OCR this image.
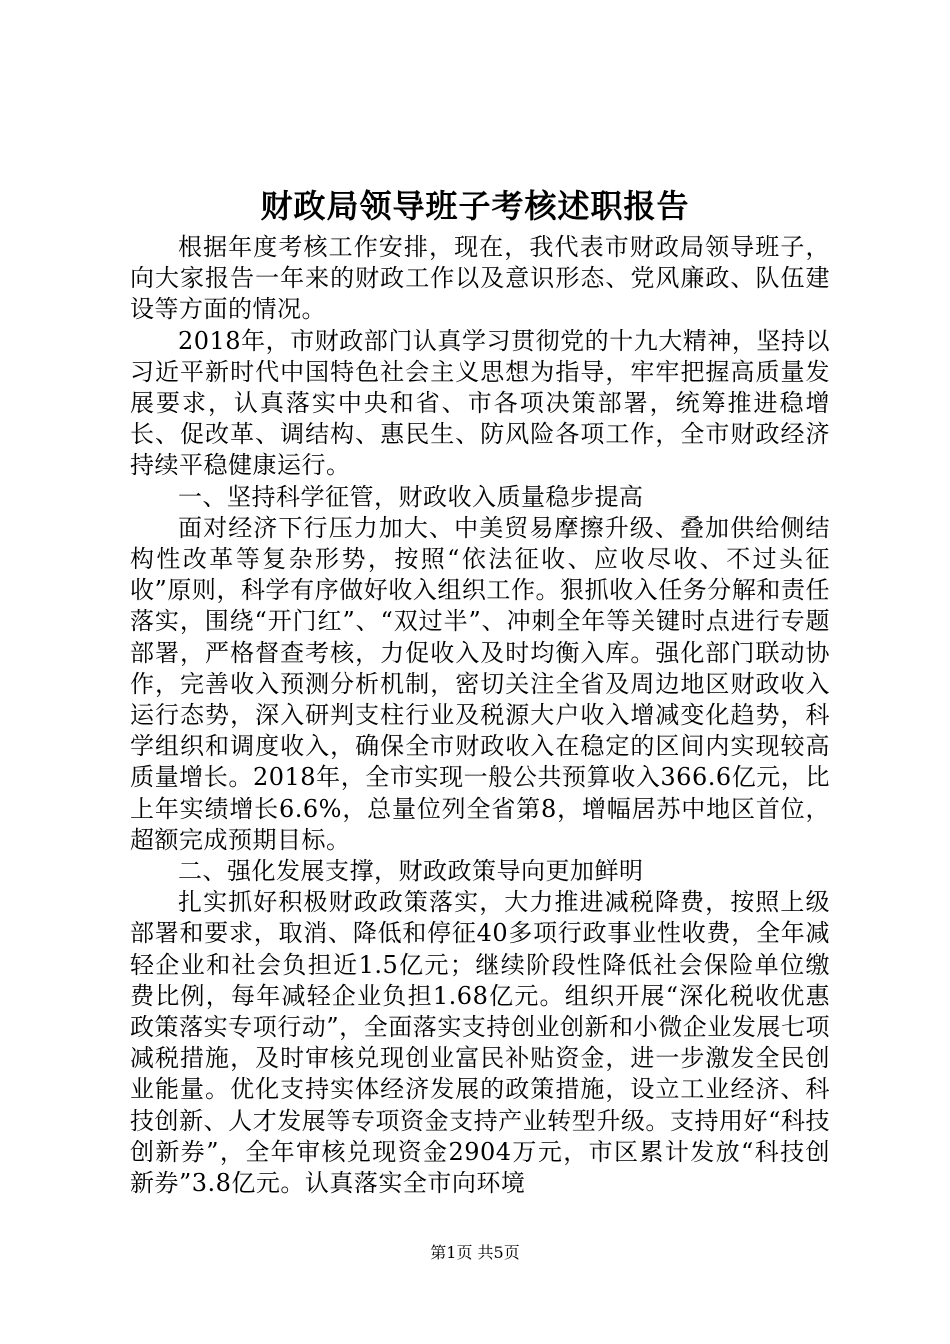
财政局领导班子考核述职报告

根据年度考核工作安排，现在，我代表市财政局领导班子，向大家报告一年来的财政工作以及意识形态、党风廉政、队伍建设等方面的情况。

2018年，市财政部门认真学习贯彻党的十九大精神，坚持以习近平新时代中国特色社会主义思想为指导，牢牢把握高质量发展要求，认真落实中央和省、市各项决策部署，统筹推进稳增长、促改革、调结构、惠民生、防风险各项工作，全市财政经济持续平稳健康运行。

一、坚持科学征管，财政收入质量稳步提高

面对经济下行压力加大、中美贸易摩擦升级、叠加供给侧结构性改革等复杂形势，按照“依法征收、应收尽收、不过头征收”原则，科学有序做好收入组织工作。狠抓收入任务分解和责任落实，围绕“开门红”、“双过半”、冲刺全年等关键时点进行专题部署，严格督查考核，力促收入及时均衡入库。强化部门联动协作，完善收入预测分析机制，密切关注全省及周边地区财政收入运行态势，深入研判支柱行业及税源大户收入增减变化趋势，科学组织和调度收入，确保全市财政收入在稳定的区间内实现较高质量增长。2018年，全市实现一般公共预算收入366.6亿元，比上年实绩增长6.6%，总量位列全省第8，增幅居苏中地区首位，超额完成预期目标。

二、强化发展支撑，财政政策导向更加鲜明

扎实抓好积极财政政策落实，大力推进减税降费，按照上级部署和要求，取消、降低和停征40多项行政事业性收费，全年减轻企业和社会负担近1.5亿元；继续阶段性降低社会保险单位缴费比例，每年减轻企业负担1.68亿元。组织开展“深化税收优惠政策落实专项行动”，全面落实支持创业创新和小微企业发展七项减税措施，及时审核兑现创业富民补贴资金，进一步激发全民创业能量。优化支持实体经济发展的政策措施，设立工业经济、科技创新、人才发展等专项资金支持产业转型升级。支持用好“科技创新券”，全年审核兑现资金2904万元，市区累计发放“科技创新券”3.8亿元。认真落实全市向环境

第1页 共5页
